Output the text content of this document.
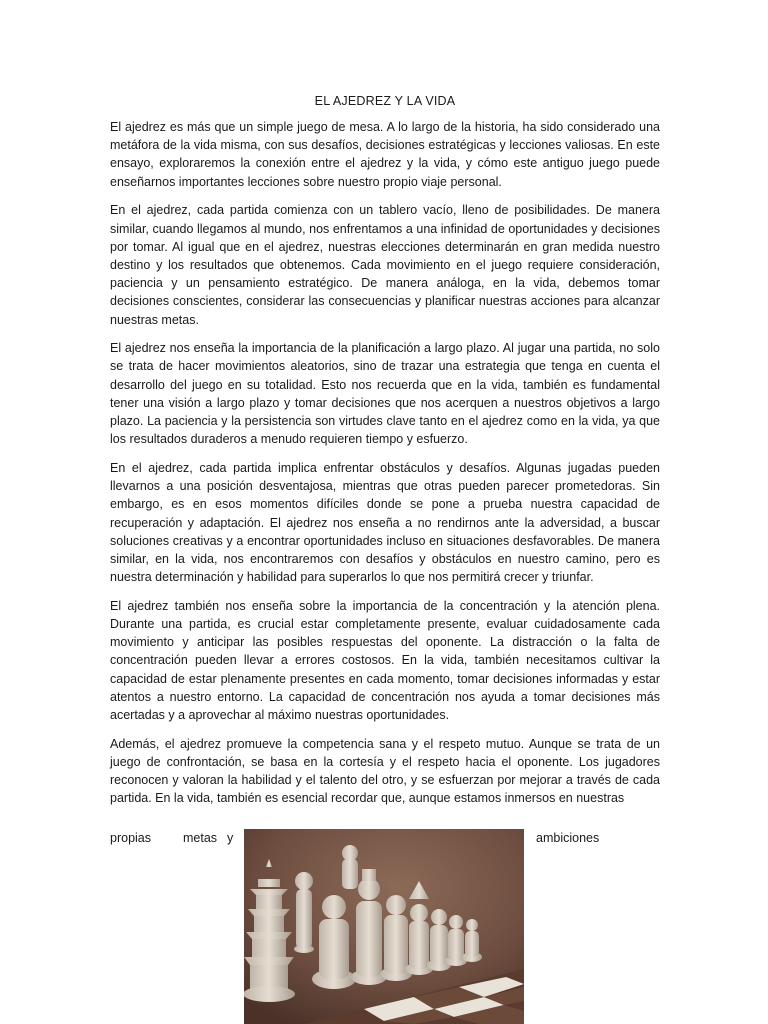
EL AJEDREZ Y LA VIDA

El ajedrez es más que un simple juego de mesa. A lo largo de la historia, ha sido considerado una metáfora de la vida misma, con sus desafíos, decisiones estratégicas y lecciones valiosas. En este ensayo, exploraremos la conexión entre el ajedrez y la vida, y cómo este antiguo juego puede enseñarnos importantes lecciones sobre nuestro propio viaje personal.

En el ajedrez, cada partida comienza con un tablero vacío, lleno de posibilidades. De manera similar, cuando llegamos al mundo, nos enfrentamos a una infinidad de oportunidades y decisiones por tomar. Al igual que en el ajedrez, nuestras elecciones determinarán en gran medida nuestro destino y los resultados que obtenemos. Cada movimiento en el juego requiere consideración, paciencia y un pensamiento estratégico. De manera análoga, en la vida, debemos tomar decisiones conscientes, considerar las consecuencias y planificar nuestras acciones para alcanzar nuestras metas.

El ajedrez nos enseña la importancia de la planificación a largo plazo. Al jugar una partida, no solo se trata de hacer movimientos aleatorios, sino de trazar una estrategia que tenga en cuenta el desarrollo del juego en su totalidad. Esto nos recuerda que en la vida, también es fundamental tener una visión a largo plazo y tomar decisiones que nos acerquen a nuestros objetivos a largo plazo. La paciencia y la persistencia son virtudes clave tanto en el ajedrez como en la vida, ya que los resultados duraderos a menudo requieren tiempo y esfuerzo.

En el ajedrez, cada partida implica enfrentar obstáculos y desafíos. Algunas jugadas pueden llevarnos a una posición desventajosa, mientras que otras pueden parecer prometedoras. Sin embargo, es en esos momentos difíciles donde se pone a prueba nuestra capacidad de recuperación y adaptación. El ajedrez nos enseña a no rendirnos ante la adversidad, a buscar soluciones creativas y a encontrar oportunidades incluso en situaciones desfavorables. De manera similar, en la vida, nos encontraremos con desafíos y obstáculos en nuestro camino, pero es nuestra determinación y habilidad para superarlos lo que nos permitirá crecer y triunfar.

El ajedrez también nos enseña sobre la importancia de la concentración y la atención plena. Durante una partida, es crucial estar completamente presente, evaluar cuidadosamente cada movimiento y anticipar las posibles respuestas del oponente. La distracción o la falta de concentración pueden llevar a errores costosos. En la vida, también necesitamos cultivar la capacidad de estar plenamente presentes en cada momento, tomar decisiones informadas y estar atentos a nuestro entorno. La capacidad de concentración nos ayuda a tomar decisiones más acertadas y a aprovechar al máximo nuestras oportunidades.

Además, el ajedrez promueve la competencia sana y el respeto mutuo. Aunque se trata de un juego de confrontación, se basa en la cortesía y el respeto hacia el oponente. Los jugadores reconocen y valoran la habilidad y el talento del otro, y se esfuerzan por mejorar a través de cada partida. En la vida, también es esencial recordar que, aunque estamos inmersos en nuestras

propias	metas y	ambiciones
